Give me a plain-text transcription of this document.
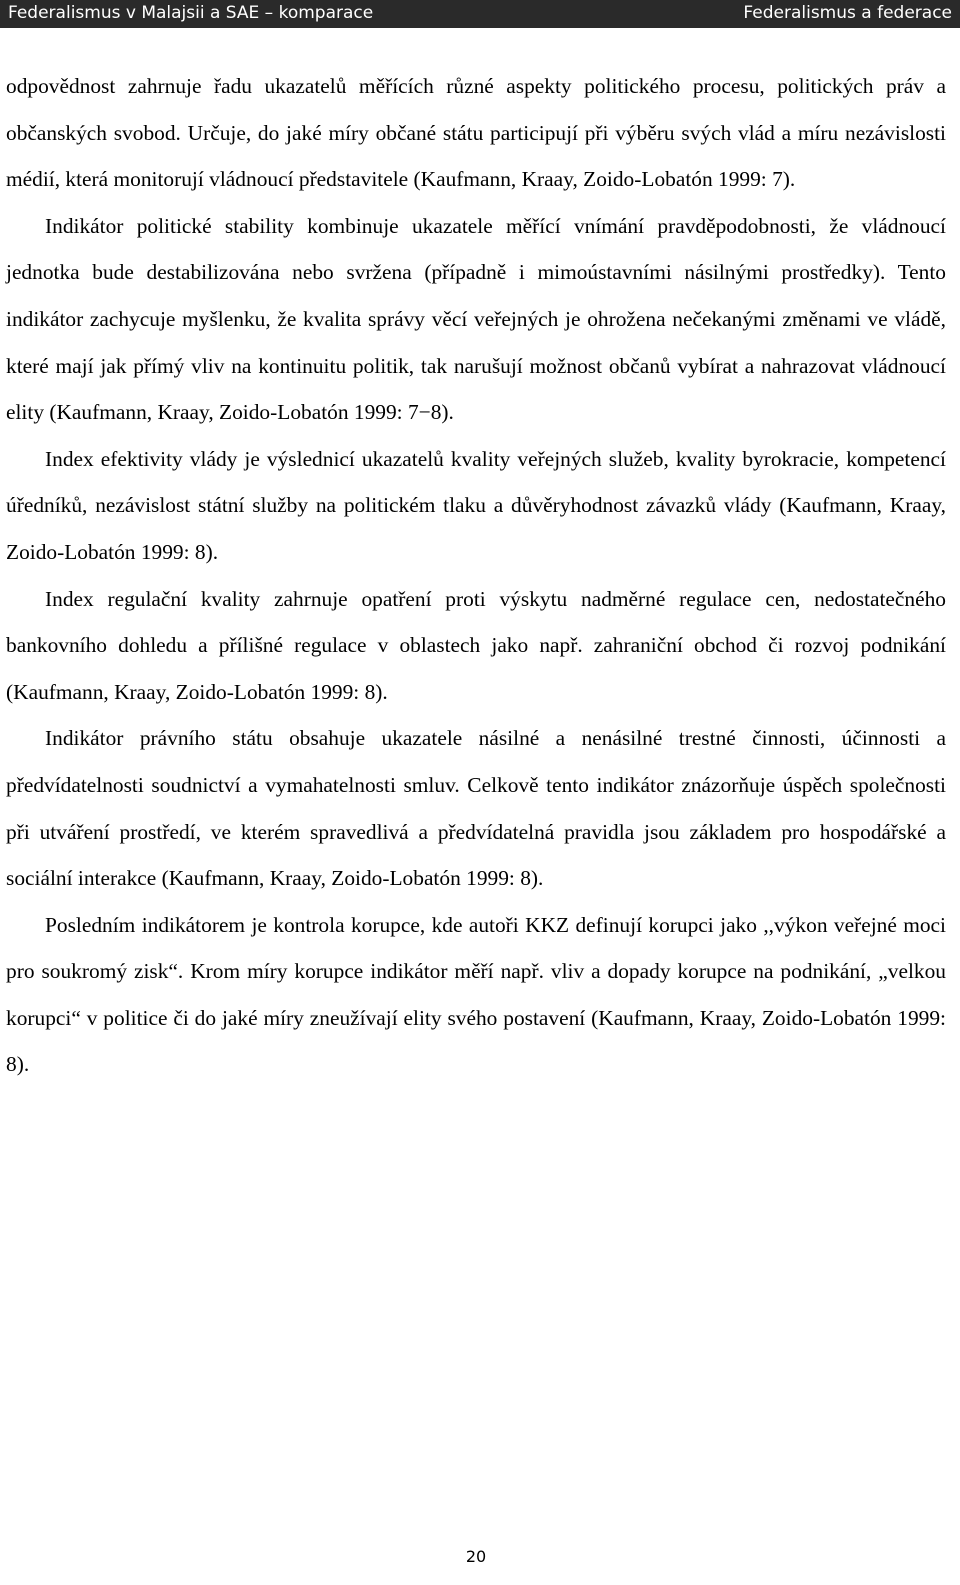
Federalismus v Malajsii a SAE – komparace	Federalismus a federace

odpovědnost zahrnuje řadu ukazatelů měřících různé aspekty politického procesu, politických práv a občanských svobod. Určuje, do jaké míry občané státu participují při výběru svých vlád a míru nezávislosti médií, která monitorují vládnoucí představitele (Kaufmann, Kraay, Zoido-Lobatón 1999: 7).

Indikátor politické stability kombinuje ukazatele měřící vnímání pravděpodobnosti, že vládnoucí jednotka bude destabilizována nebo svržena (případně i mimoústavními násilnými prostředky). Tento indikátor zachycuje myšlenku, že kvalita správy věcí veřejných je ohrožena nečekanými změnami ve vládě, které mají jak přímý vliv na kontinuitu politik, tak narušují možnost občanů vybírat a nahrazovat vládnoucí elity (Kaufmann, Kraay, Zoido-Lobatón 1999: 7−8).

Index efektivity vlády je výslednicí ukazatelů kvality veřejných služeb, kvality byrokracie, kompetencí úředníků, nezávislost státní služby na politickém tlaku a důvěryhodnost závazků vlády (Kaufmann, Kraay, Zoido-Lobatón 1999: 8).

Index regulační kvality zahrnuje opatření proti výskytu nadměrné regulace cen, nedostatečného bankovního dohledu a přílišné regulace v oblastech jako např. zahraniční obchod či rozvoj podnikání (Kaufmann, Kraay, Zoido-Lobatón 1999: 8).

Indikátor právního státu obsahuje ukazatele násilné a nenásilné trestné činnosti, účinnosti a předvídatelnosti soudnictví a vymahatelnosti smluv. Celkově tento indikátor znázorňuje úspěch společnosti při utváření prostředí, ve kterém spravedlivá a předvídatelná pravidla jsou základem pro hospodářské a sociální interakce (Kaufmann, Kraay, Zoido-Lobatón 1999: 8).

Posledním indikátorem je kontrola korupce, kde autoři KKZ definují korupci jako ,,výkon veřejné moci pro soukromý zisk“. Krom míry korupce indikátor měří např. vliv a dopady korupce na podnikání, „velkou korupci“ v politice či do jaké míry zneužívají elity svého postavení (Kaufmann, Kraay, Zoido-Lobatón 1999: 8).

20
